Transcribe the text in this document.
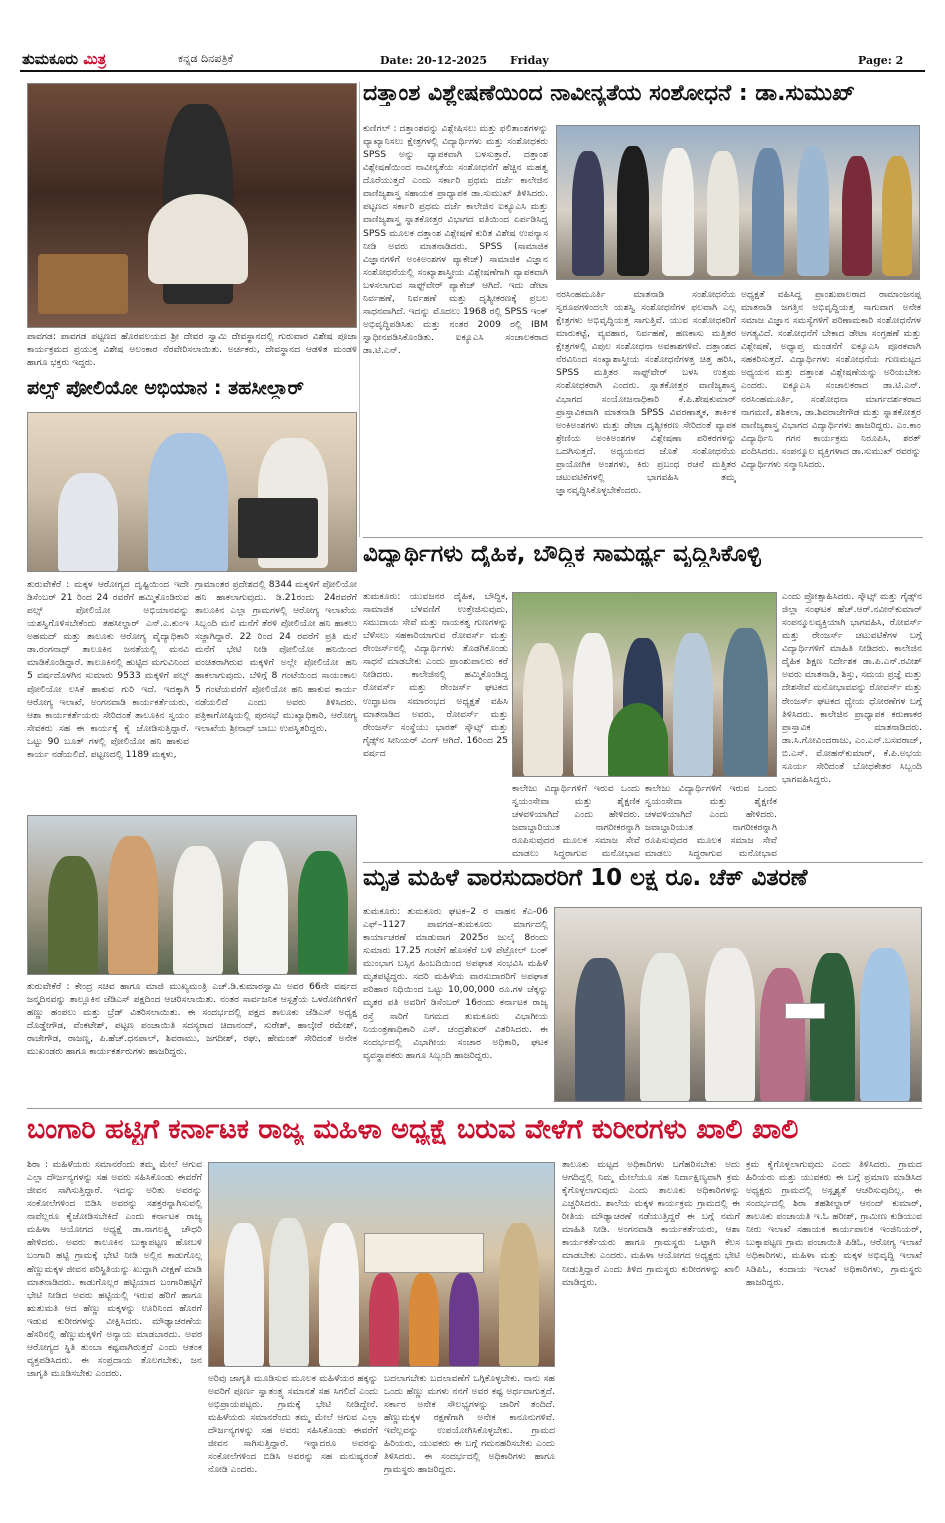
ತುಮಕೂರು ಮಿತ್ರ	ಕನ್ನಡ ದಿನಪತ್ರಿಕೆ	Date: 20-12-2025 Friday	Page: 2
ಪಾವಗಡ: ಪಾವಗಡ ಪಟ್ಟಣದ ಹೊರವಲಯದ ಶ್ರೀ ದೇವರ ಸ್ವಾಮಿ ದೇವಸ್ಥಾನದಲ್ಲಿ ಗುರುವಾರ ವಿಶೇಷ ಪೂಜಾ ಕಾರ್ಯಕ್ರಮದ ಪ್ರಯುಕ್ತ ವಿಶೇಷ ಅಲಂಕಾರ ನೆರವೇರಿಸಲಾಯಿತು. ಅರ್ಚಕರು, ದೇವಸ್ಥಾನದ ಆಡಳಿತ ಮಂಡಳಿ ಹಾಗೂ ಭಕ್ತರು ಇದ್ದರು.
ದತ್ತಾಂಶ ವಿಶ್ಲೇಷಣೆಯಿಂದ ನಾವೀನ್ಯತೆಯ ಸಂಶೋಧನೆ : ಡಾ.ಸುಮುಖ್
ಕುಣಿಗಲ್ : ದತ್ತಾಂಶವನ್ನು ವಿಶ್ಲೇಷಿಸಲು ಮತ್ತು ಫಲಿತಾಂಶಗಳನ್ನು ವ್ಯಾಖ್ಯಾನಿಸಲು ಕ್ಷೇತ್ರಗಳಲ್ಲಿ ವಿದ್ಯಾರ್ಥಿಗಳು ಮತ್ತು ಸಂಶೋಧಕರು SPSS ಅನ್ನು ವ್ಯಾಪಕವಾಗಿ ಬಳಸುತ್ತಾರೆ. ದತ್ತಾಂಶ ವಿಶ್ಲೇಷಣೆಯಿಂದ ನಾವೀನ್ಯತೆಯ ಸಂಶೋಧನೆಗೆ ಹೆಚ್ಚಿನ ಮಹತ್ವ ದೊರೆಯುತ್ತದೆ ಎಂದು ಸರ್ಕಾರಿ ಪ್ರಥಮ ದರ್ಜೆ ಕಾಲೇಜಿನ ವಾಣಿಜ್ಯಶಾಸ್ತ್ರ ಸಹಾಯಕ ಪ್ರಾಧ್ಯಾಪಕ ಡಾ.ಸುಮುಖ್ ತಿಳಿಸಿದರು. ಪಟ್ಟಣದ ಸರ್ಕಾರಿ ಪ್ರಥಮ ದರ್ಜೆ ಕಾಲೇಜಿನ ಐಕ್ಯೂಎಸಿ ಮತ್ತು ವಾಣಿಜ್ಯಶಾಸ್ತ್ರ ಸ್ನಾತಕೋತ್ತರ ವಿಭಾಗದ ವತಿಯಿಂದ ಏರ್ಪಡಿಸಿದ್ದ SPSS ಮೂಲಕ ದತ್ತಾಂಶ ವಿಶ್ಲೇಷಣೆ ಕುರಿತ ವಿಶೇಷ ಉಪನ್ಯಾಸ ನೀಡಿ ಅವರು ಮಾತನಾಡಿದರು. SPSS (ಸಾಮಾಜಿಕ ವಿಜ್ಞಾನಗಳಿಗೆ ಅಂಕಿಅಂಶಗಳ ಪ್ಯಾಕೇಜ್) ಸಾಮಾಜಿಕ ವಿಜ್ಞಾನ ಸಂಶೋಧನೆಯಲ್ಲಿ ಸಂಖ್ಯಾಶಾಸ್ತ್ರೀಯ ವಿಶ್ಲೇಷಣೆಗಾಗಿ ವ್ಯಾಪಕವಾಗಿ ಬಳಸಲಾಗುವ ಸಾಫ್ಟ್‌ವೇರ್ ಪ್ಯಾಕೇಜ್ ಆಗಿದೆ. ಇದು ಡೇಟಾ ನಿರ್ವಹಣೆ, ನಿರ್ವಹಣೆ ಮತ್ತು ದೃಶ್ಯೀಕರಣಕ್ಕೆ ಪ್ರಬಲ ಸಾಧನವಾಗಿದೆ. ಇದನ್ನು ಮೊದಲು 1968 ರಲ್ಲಿ SPSS ಇಂಕ್ ಅಭಿವೃದ್ಧಿಪಡಿಸಿತು ಮತ್ತು ನಂತರ 2009 ರಲ್ಲಿ IBM ಸ್ವಾಧೀನಪಡಿಸಿಕೊಂಡಿತು. ಐಕ್ಯೂಎಸಿ ಸಂಚಾಲಕರಾದ ಡಾ.ಟಿ.ಎನ್.
ನರಸಿಂಹಮೂರ್ತಿ ಮಾತನಾಡಿ ಸಂಶೋಧನೆಯ ಸ್ವರೂಪಗಳಿಂದಲೇ ಯಶಸ್ವಿ ಸಂಶೋಧನೆಗಳ ಫಲವಾಗಿ ಎಲ್ಲ ಕ್ಷೇತ್ರಗಳು ಅಭಿವೃದ್ಧಿಯತ್ತ ಸಾಗುತ್ತಿವೆ. ಯುವ ಸಂಶೋಧಕರಿಗೆ ಮಾರುಕಟ್ಟೆ, ವ್ಯವಹಾರ, ನಿರ್ವಹಣೆ, ಹಣಕಾಸು ಮತ್ತಿತರ ಕ್ಷೇತ್ರಗಳಲ್ಲಿ ವಿಪುಲ ಸಂಶೋಧನಾ ಅವಕಾಶಗಳಿವೆ. ದತ್ತಾಂಶದ ನೆರವಿನಿಂದ ಸಂಖ್ಯಾಶಾಸ್ತ್ರೀಯ ಸಂಶೋಧನೆಗಳತ್ತ ಚಿತ್ತ ಹರಿಸಿ, SPSS ಮತ್ತಿತರ ಸಾಫ್ಟ್‌ವೇರ್ ಬಳಸಿ ಉತ್ತಮ ಸಂಶೋಧಕರಾಗಿ ಎಂದರು. ಸ್ನಾತಕೋತ್ತರ ವಾಣಿಜ್ಯಶಾಸ್ತ್ರ ವಿಭಾಗದ ಸಂಯೋಜನಾಧಿಕಾರಿ ಕೆ.ಪಿ.ಶೇಷಕುಮಾರ್ ಪ್ರಾಸ್ತಾವಿಕವಾಗಿ ಮಾತನಾಡಿ SPSS ವಿವರಣಾತ್ಮಕ, ತಾರ್ಕಿಕ ಅಂಕಿಅಂಶಗಳು ಮತ್ತು ಡೇಟಾ ದೃಶ್ಯೀಕರಣ ಸೇರಿದಂತೆ ವ್ಯಾಪಕ ಶ್ರೇಣಿಯ ಅಂಕಿಅಂಶಗಳ ವಿಶ್ಲೇಷಣಾ ಪರಿಕರಗಳನ್ನು ಒದಗಿಸುತ್ತದೆ. ಅಧ್ಯಯನದ ಜೊತೆ ಸಂಶೋಧನೆಯ ಪ್ರಾಯೋಗಿಕ ಅಂಶಗಳು, ಕಿರು ಪ್ರಬಂಧ ರಚನೆ ಮತ್ತಿತರ ಚಟುವಟಿಕೆಗಳಲ್ಲಿ ಭಾಗವಹಿಸಿ ತಮ್ಮ ಜ್ಞಾನವೃದ್ಧಿಸಿಕೊಳ್ಳಬೇಕೆಂದರು.
ಅಧ್ಯಕ್ಷತೆ ವಹಿಸಿದ್ದ ಪ್ರಾಂಶುಪಾಲರಾದ ರಾಮಾಂಜನಪ್ಪ ಮಾತನಾಡಿ ಜಗತ್ತಿನ ಅಭಿವೃದ್ಧಿಯತ್ತ ಸಾಗುವಾಗ ಅನೇಕ ಸಮಾಜ ವಿಜ್ಞಾನ ಸಮಸ್ಯೆಗಳಿಗೆ ಪರಿಣಾಮಕಾರಿ ಸಂಶೋಧನೆಗಳ ಅಗತ್ಯವಿದೆ. ಸಂಶೋಧನೆಗೆ ಬೇಕಾದ ಡೇಟಾ ಸಂಗ್ರಹಣೆ ಮತ್ತು ವಿಶ್ಲೇಷಣೆ, ಅಧ್ಯಾಪ್ತ ಮಂಡನೆಗೆ ಐಕ್ಯೂಎಸಿ ಪೂರಕವಾಗಿ ಸಹಕರಿಸುತ್ತದೆ. ವಿದ್ಯಾರ್ಥಿಗಳು ಸಂಶೋಧನೆಯ ಗುಣಮಟ್ಟದ ಅಧ್ಯಯನ ಮತ್ತು ದತ್ತಾಂಶ ವಿಶ್ಲೇಷಣೆಯನ್ನು ಅರಿಯಬೇಕು ಎಂದರು. ಐಕ್ಯೂಎಸಿ ಸಂಚಾಲಕರಾದ ಡಾ.ಟಿ.ಎನ್. ನರಸಿಂಹಮೂರ್ತಿ, ಸಂಶೋಧನಾ ಮಾರ್ಗದರ್ಶಕರಾದ ನಾಗಮಣಿ, ಶಶಿಕಲಾ, ಡಾ.ಶಿವರಾಜೇಗೌಡ ಮತ್ತು ಸ್ನಾತಕೋತ್ತರ ವಾಣಿಜ್ಯಶಾಸ್ತ್ರ ವಿಭಾಗದ ವಿದ್ಯಾರ್ಥಿಗಳು ಹಾಜರಿದ್ದರು. ಎಂ.ಕಾಂ ವಿದ್ಯಾರ್ಥಿನಿ ಗಗನ ಕಾರ್ಯಕ್ರಮ ನಿರೂಪಿಸಿ, ಶರತ್ ವಂದಿಸಿದರು. ಸಂಪನ್ಮೂಲ ವ್ಯಕ್ತಿಗಳಾದ ಡಾ.ಸುಮುಖ್ ರವರನ್ನು ವಿದ್ಯಾರ್ಥಿಗಳು ಸನ್ಮಾನಿಸಿದರು.
ಪಲ್ಸ್ ಪೋಲಿಯೋ ಅಭಿಯಾನ : ತಹಸೀಲ್ದಾರ್
ತುರುವೇಕೆರೆ : ಮಕ್ಕಳ ಆರೋಗ್ಯದ ದೃಷ್ಟಿಯಿಂದ ಇದೇ ಡಿಸೆಂಬರ್ 21 ರಿಂದ 24 ರವರೆಗೆ ಹಮ್ಮಿಕೊಂಡಿರುವ ಪಲ್ಸ್ ಪೋಲಿಯೋ ಅಭಿಯಾನವನ್ನು ಯಶಸ್ವಿಗೊಳಿಸಬೇಕೆಂದು ತಹಸೀಲ್ದಾರ್ ಎನ್.ಎ.ಕುಂಇ ಅಹಮದ್ ಮತ್ತು ತಾಲೂಕು ಆರೋಗ್ಯ ವೈದ್ಯಾಧಿಕಾರಿ ಡಾ.ರಂಗನಾಥ್ ತಾಲೂಕಿನ ಜನತೆಯಲ್ಲಿ ಮನವಿ ಮಾಡಿಕೊಂಡಿದ್ದಾರೆ. ತಾಲೂಕಿನಲ್ಲಿ ಹುಟ್ಟಿದ ಮಗುವಿನಿಂದ 5 ವರ್ಷದೊಳಗಿನ ಸುಮಾರು 9533 ಮಕ್ಕಳಿಗೆ ಪಲ್ಸ್ ಪೋಲಿಯೋ ಲಸಿಕೆ ಹಾಕುವ ಗುರಿ ಇದೆ. ಇದಕ್ಕಾಗಿ ಆರೋಗ್ಯ ಇಲಾಖೆ, ಅಂಗನವಾಡಿ ಕಾರ್ಯಕರ್ತೆಯರು, ಆಶಾ ಕಾರ್ಯಕರ್ತೆಯರು ಸೇರಿದಂತೆ ತಾಲೂಕಿನ ಸ್ವಯಂ ಸೇವಕರು ಸಹ ಈ ಕಾರ್ಯಕ್ಕೆ ಕೈ ಜೋಡಿಸುತ್ತಿದ್ದಾರೆ. ಒಟ್ಟು 90 ಬೂತ್ ಗಳಲ್ಲಿ ಪೋಲಿಯೋ ಹನಿ ಹಾಕುವ ಕಾರ್ಯ ನಡೆಯಲಿದೆ. ಪಟ್ಟಣದಲ್ಲಿ 1189 ಮಕ್ಕಳು,
ಗ್ರಾಮಾಂತರ ಪ್ರದೇಶದಲ್ಲಿ 8344 ಮಕ್ಕಳಿಗೆ ಪೋಲಿಯೋ ಹನಿ ಹಾಕಲಾಗುವುದು. ಡಿ.21ರಂದು 24ರವರೆಗೆ ತಾಲೂಕಿನ ಎಲ್ಲಾ ಗ್ರಾಮಗಳಲ್ಲಿ ಆರೋಗ್ಯ ಇಲಾಖೆಯ ಸಿಬ್ಬಂದಿ ಮನೆ ಮನೆಗೆ ತೆರಳಿ ಪೋಲಿಯೋ ಹನಿ ಹಾಕಲು ಸಜ್ಜಾಗಿದ್ದಾರೆ. 22 ರಿಂದ 24 ರವರೆಗೆ ಪ್ರತಿ ಮನೆ ಮನೆಗೆ ಭೇಟಿ ನೀಡಿ ಪೋಲಿಯೋ ಹನಿಯಿಂದ ವಂಚಿತರಾಗಿರುವ ಮಕ್ಕಳಿಗೆ ಅಲ್ಲೇ ಪೋಲಿಯೋ ಹನಿ ಹಾಕಲಾಗುವುದು. ಬೆಳಿಗ್ಗೆ 8 ಗಂಟೆಯಿಂದ ಸಾಯಂಕಾಲ 5 ಗಂಟೆಯವರೆಗೆ ಪೋಲಿಯೋ ಹನಿ ಹಾಕುವ ಕಾರ್ಯ ನಡೆಯಲಿದೆ ಎಂದು ಅವರು ತಿಳಿಸಿದರು. ಪತ್ರಿಕಾಗೋಷ್ಠಿಯಲ್ಲಿ ಪುರಸಭೆ ಮುಖ್ಯಾಧಿಕಾರಿ, ಆರೋಗ್ಯ ಇಲಾಖೆಯ ಶ್ರೀನಾಥ್ ಬಾಬು ಉಪಸ್ಥಿತರಿದ್ದರು.
ವಿದ್ಯಾರ್ಥಿಗಳು ದೈಹಿಕ, ಬೌದ್ಧಿಕ ಸಾಮರ್ಥ್ಯ ವೃದ್ಧಿಸಿಕೊಳ್ಳಿ
ತುಮಕೂರು: ಯುವಜನರ ದೈಹಿಕ, ಬೌದ್ಧಿಕ, ಸಾಮಾಜಿಕ ಬೆಳವಣಿಗೆ ಉತ್ತೇಜಿಸುವುದು, ಸಮುದಾಯ ಸೇವೆ ಮತ್ತು ನಾಯಕತ್ವ ಗುಣಗಳನ್ನು ಬೆಳೆಸಲು ಸಹಕಾರಿಯಾಗುವ ರೋವರ್ಸ್ ಮತ್ತು ರೇಂಜರ್ಸ್‌ನಲ್ಲಿ ವಿದ್ಯಾರ್ಥಿಗಳು ತೊಡಗಿಕೊಂಡು ಸಾಧನೆ ಮಾಡಬೇಕು ಎಂದು ಪ್ರಾಂಶುಪಾಲರು ಕರೆ ನೀಡಿದರು. ಕಾಲೇಜಿನಲ್ಲಿ ಹಮ್ಮಿಕೊಂಡಿದ್ದ ರೋವರ್ಸ್ ಮತ್ತು ರೇಂಜರ್ಸ್ ಘಟಕದ ಉದ್ಘಾಟನಾ ಸಮಾರಂಭದ ಅಧ್ಯಕ್ಷತೆ ವಹಿಸಿ ಮಾತನಾಡಿದ ಅವರು, ರೋವರ್ಸ್ ಮತ್ತು ರೇಂಜರ್ಸ್ ಸಂಸ್ಥೆಯು ಭಾರತ್ ಸ್ಕೌಟ್ಸ್ ಮತ್ತು ಗೈಡ್ಸ್‌ನ ಸೀನಿಯರ್ ವಿಂಗ್ ಆಗಿದೆ. 16ರಿಂದ 25 ವರ್ಷದ
ಕಾಲೇಜು ವಿದ್ಯಾರ್ಥಿಗಳಿಗೆ ಇರುವ ಒಂದು ಸ್ವಯಂಸೇವಾ ಮತ್ತು ಶೈಕ್ಷಣಿಕ ಚಳವಳಿಯಾಗಿದೆ ಎಂದು ಹೇಳಿದರು. ಜವಾಬ್ದಾರಿಯುತ ನಾಗರೀಕರನ್ನಾಗಿ ರೂಪಿಸುವುದರ ಮೂಲಕ ಸಮಾಜ ಸೇವೆ ಮಾಡಲು ಸಿದ್ಧರಾಗುವ ಮನೋಭಾವ
ಕಾಲೇಜು ವಿದ್ಯಾರ್ಥಿಗಳಿಗೆ ಇರುವ ಒಂದು ಸ್ವಯಂಸೇವಾ ಮತ್ತು ಶೈಕ್ಷಣಿಕ ಚಳವಳಿಯಾಗಿದೆ ಎಂದು ಹೇಳಿದರು. ಜವಾಬ್ದಾರಿಯುತ ನಾಗರೀಕರನ್ನಾಗಿ ರೂಪಿಸುವುದರ ಮೂಲಕ ಸಮಾಜ ಸೇವೆ ಮಾಡಲು ಸಿದ್ಧರಾಗುವ ಮನೋಭಾವ
ಎಂದು ಪ್ರೋತ್ಸಾಹಿಸಿದರು. ಸ್ಕೌಟ್ಸ್ ಮತ್ತು ಗೈಡ್ಸ್‌ನ ಜಿಲ್ಲಾ ಸಂಘಟಕ ಹೆಚ್.ಆರ್.ನವೀನ್‌ಕುಮಾರ್ ಸಂಪನ್ಮೂಲವ್ಯಕ್ತಿಯಾಗಿ ಭಾಗವಹಿಸಿ, ರೋವರ್ಸ್ ಮತ್ತು ರೇಂಜರ್ಸ್ ಚಟುವಟಿಕೆಗಳ ಬಗ್ಗೆ ವಿದ್ಯಾರ್ಥಿಗಳಿಗೆ ಮಾಹಿತಿ ನೀಡಿದರು. ಕಾಲೇಜಿನ ದೈಹಿಕ ಶಿಕ್ಷಣ ನಿರ್ದೇಶಕ ಡಾ.ಪಿ.ಎನ್.ರವೀಶ್ ಅವರು ಮಾತನಾಡಿ, ಶಿಸ್ತು, ಸಮಯ ಪ್ರಜ್ಞೆ ಮತ್ತು ದೇಶಸೇವೆ ಮನೋಭಾವವನ್ನು ರೋವರ್ಸ್ ಮತ್ತು ರೇಂಜರ್ಸ್ ಘಟಕದ ಧ್ಯೇಯ ಧೋರಣೆಗಳ ಬಗ್ಗೆ ತಿಳಿಸಿದರು. ಕಾಲೇಜಿನ ಪ್ರಾಧ್ಯಾಪಕ ಕರುಣಾಕರ ಪ್ರಾಸ್ತಾವಿಕ ಮಾತನಾಡಿದರು. ಡಾ.ಸಿ.ಗೋವಿಂದರಾಜು, ಎಂ.ಎನ್.ಬಸವರಾಜ್, ಬಿ.ಎಸ್. ಮೋಹನ್‌ಕುಮಾರ್, ಕೆ.ಪಿ.ಅಭಯ ಸೂರ್ಯ ಸೇರಿದಂತೆ ಬೋಧಕೇತರ ಸಿಬ್ಬಂದಿ ಭಾಗವಹಿಸಿದ್ದರು.
ತುರುವೇಕೆರೆ : ಕೇಂದ್ರ ಸಚಿವ ಹಾಗೂ ಮಾಜಿ ಮುಖ್ಯಮಂತ್ರಿ ಎಚ್.ಡಿ.ಕುಮಾರಸ್ವಾಮಿ ಅವರ 66ನೇ ವರ್ಷದ ಜನ್ಮದಿನವನ್ನು ತಾಲ್ಲೂಕಿನ ಜೆಡಿಎಸ್ ಪಕ್ಷದಿಂದ ಆಚರಿಸಲಾಯಿತು. ನಂತರ ಸಾರ್ವಜನಿಕ ಆಸ್ಪತ್ರೆಯ ಒಳರೋಗಿಗಳಿಗೆ ಹಣ್ಣು ಹಂಪಲು ಮತ್ತು ಬ್ರೆಡ್ ವಿತರಿಸಲಾಯಿತು. ಈ ಸಂದರ್ಭದಲ್ಲಿ ಪಕ್ಷದ ತಾಲೂಕು ಜೆಡಿಎಸ್ ಅಧ್ಯಕ್ಷ ದೊಡ್ಡೇಗೌಡ, ವೆಂಕಟೇಶ್, ಪಟ್ಟಣ ಪಂಚಾಯಿತಿ ಸದಸ್ಯರಾದ ಚಿದಾನಂದ್, ಸುರೇಶ್, ಹಾಲ್ಕೇರೆ ರಮೇಶ್, ರಾಜೇಗೌಡ, ರಾಜಣ್ಣ, ಪಿ.ಹೆಚ್.ಧನಪಾಲ್, ಶಿವರಾಮು, ಜಗದೀಶ್, ರಘು, ಹೇಮಂತ್ ಸೇರಿದಂತೆ ಅನೇಕ ಮುಖಂಡರು ಹಾಗೂ ಕಾರ್ಯಕರ್ತರುಗಳು ಹಾಜರಿದ್ದರು.
ಮೃತ ಮಹಿಳೆ ವಾರಸುದಾರರಿಗೆ 10 ಲಕ್ಷ ರೂ. ಚೆಕ್ ವಿತರಣೆ
ತುಮಕೂರು: ತುಮಕೂರು ಘಟಕ–2 ರ ವಾಹನ ಕೆಎ-06 ಎಫ್–1127 ಪಾವಗಡ–ತುಮಕೂರು ಮಾರ್ಗದಲ್ಲಿ ಕಾರ್ಯಾಚರಣೆ ಮಾಡುವಾಗ 2025ರ ಜುಲೈ 8ರಂದು ಸುಮಾರು 17.25 ಗಂಟೆಗೆ ಹೊಸಕೆರೆ ಬಳಿ ಪೆಟ್ರೋಲ್ ಬಂಕ್ ಮುಂಭಾಗ ಬಸ್ಸಿನ ಹಿಂಬದಿಯಿಂದ ಅಪಘಾತ ಸಂಭವಿಸಿ ಮಹಿಳೆ ಮೃತಪಟ್ಟಿದ್ದರು. ಸದರಿ ಮಹಿಳೆಯ ವಾರಸುದಾರರಿಗೆ ಅಪಘಾತ ಪರಿಹಾರ ನಿಧಿಯಿಂದ ಒಟ್ಟು 10,00,000 ರೂ.ಗಳ ಚೆಕ್ಕನ್ನು ಮೃತರ ಪತಿ ಅವರಿಗೆ ಡಿಸೆಂಬರ್ 16ರಂದು ಕರ್ನಾಟಕ ರಾಜ್ಯ ರಸ್ತೆ ಸಾರಿಗೆ ನಿಗಮದ ತುಮಕೂರು ವಿಭಾಗೀಯ ನಿಯಂತ್ರಣಾಧಿಕಾರಿ ಎಸ್. ಚಂದ್ರಶೇಖರ್ ವಿತರಿಸಿದರು. ಈ ಸಂದರ್ಭದಲ್ಲಿ ವಿಭಾಗೀಯ ಸಂಚಾರ ಅಧಿಕಾರಿ, ಘಟಕ ವ್ಯವಸ್ಥಾಪಕರು ಹಾಗೂ ಸಿಬ್ಬಂದಿ ಹಾಜರಿದ್ದರು.
ಬಂಗಾರಿ ಹಟ್ಟಿಗೆ ಕರ್ನಾಟಕ ರಾಜ್ಯ ಮಹಿಳಾ ಅಧ್ಯಕ್ಷೆ ಬರುವ ವೇಳೆಗೆ ಕುರೀರಗಳು ಖಾಲಿ ಖಾಲಿ
ಶಿರಾ : ಮಹಿಳೆಯರು ಸಮಾನರೆಂದು ತಮ್ಮ ಮೇಲೆ ಆಗುವ ಎಲ್ಲಾ ದೌರ್ಜನ್ಯಗಳನ್ನು ಸಹ ಅವರು ಸಹಿಸಿಕೊಂಡು ಈವರೆಗೆ ಜೀವನ ಸಾಗಿಸುತ್ತಿದ್ದಾರೆ. ಇದನ್ನು ಅರಿತು ಅವರನ್ನು ಸಂಕೋಲೆಗಳಿಂದ ಬಿಡಿಸಿ ಅವರನ್ನು ಸಶಕ್ತರನ್ನಾಗಿಸುವಲ್ಲಿ ನಾವೆಲ್ಲರೂ ಕೈಜೋಡಿಸಬೇಕಿದೆ ಎಂದು ಕರ್ನಾಟಕ ರಾಜ್ಯ ಮಹಿಳಾ ಆಯೋಗದ ಅಧ್ಯಕ್ಷೆ ಡಾ.ನಾಗಲಕ್ಷ್ಮಿ ಚೌಧರಿ ಹೇಳಿದರು. ಅವರು ತಾಲೂಕಿನ ಬುಕ್ಕಾಪಟ್ಟಣ ಹೋಬಳಿ ಬಂಗಾರಿ ಹಟ್ಟಿ ಗ್ರಾಮಕ್ಕೆ ಭೇಟಿ ನೀಡಿ ಅಲ್ಲಿನ ಕಾಡುಗೊಲ್ಲ ಹೆಣ್ಣುಮಕ್ಕಳ ಜೀವನ ಪರಿಸ್ಥಿತಿಯನ್ನು ಖುದ್ದಾಗಿ ವೀಕ್ಷಣೆ ಮಾಡಿ ಮಾತನಾಡಿದರು. ಕಾಡುಗೊಲ್ಲರ ಹಟ್ಟಿಯಾದ ಬಂಗಾರಿಹಟ್ಟಿಗೆ ಭೇಟಿ ನೀಡಿದ ಅವರು ಹಟ್ಟಿಯಲ್ಲಿ ಇರುವ ಹೆರಿಗೆ ಹಾಗೂ ಋತುಮತಿ ಆದ ಹೆಣ್ಣು ಮಕ್ಕಳನ್ನು ಊರಿನಿಂದ ಹೊರಗೆ ಇಡುವ ಕುರೀರಗಳನ್ನು ವೀಕ್ಷಿಸಿದರು. ಮೌಢ್ಯಾಚರಣೆಯ ಹೆಸರಿನಲ್ಲಿ ಹೆಣ್ಣುಮಕ್ಕಳಿಗೆ ಅನ್ಯಾಯ ಮಾಡಬಾರದು. ಅವರ ಆರೋಗ್ಯದ ಸ್ಥಿತಿ ತುಂಬಾ ಕಷ್ಟವಾಗಿರುತ್ತದೆ ಎಂದು ಆತಂಕ ವ್ಯಕ್ತಪಡಿಸಿದರು. ಈ ಸಂಪ್ರದಾಯ ತೊಲಗಬೇಕು, ಜನ ಜಾಗೃತಿ ಮೂಡಿಸಬೇಕು ಎಂದರು.	ಅರಿವು ಜಾಗೃತಿ ಮೂಡಿಸುವ ಮೂಲಕ ಮಹಿಳೆಯರ ಹಕ್ಕನ್ನು ಅವರಿಗೆ ಪೂರ್ಣ ಸ್ವಾತಂತ್ರ್ಯ ಸಮಾನತೆ ಸಹ ಸಿಗಲಿದೆ ಎಂದು ಅಭಿಪ್ರಾಯಪಟ್ಟರು. ಗ್ರಾಮಕ್ಕೆ ಭೇಟಿ ನೀಡಿದ್ದೇನೆ. ಮಹಿಳೆಯರು ಸಮಾನರೆಂದು ತಮ್ಮ ಮೇಲೆ ಆಗುವ ಎಲ್ಲಾ ದೌರ್ಜನ್ಯಗಳನ್ನು ಸಹ ಅವರು ಸಹಿಸಿಕೊಂಡು ಈವರೆಗೆ ಜೀವನ ಸಾಗಿಸುತ್ತಿದ್ದಾರೆ. ಇನ್ನಾದರೂ ಅವರನ್ನು ಸಂಕೋಲೆಗಳಿಂದ ಬಿಡಿಸಿ ಅವರನ್ನು ಸಹ ಮನುಷ್ಯರಂತೆ ನೋಡಿ ಎಂದರು.
ಬದಲಾಗಬೇಕು ಬದಲಾವಣೆಗೆ ಒಗ್ಗಿಕೊಳ್ಳಬೇಕು. ನಾನು ಸಹ ಒಂದು ಹೆಣ್ಣು ಮಗಳು ನನಗೆ ಅವರ ಕಷ್ಟ ಅರ್ಥವಾಗುತ್ತದೆ. ಸರ್ಕಾರ ಅನೇಕ ಸೌಲಭ್ಯಗಳನ್ನು ಜಾರಿಗೆ ತಂದಿದೆ. ಹೆಣ್ಣುಮಕ್ಕಳ ರಕ್ಷಣೆಗಾಗಿ ಅನೇಕ ಕಾನೂನುಗಳಿವೆ. ಇವೆಲ್ಲವನ್ನು ಉಪಯೋಗಿಸಿಕೊಳ್ಳಬೇಕು. ಗ್ರಾಮದ ಹಿರಿಯರು, ಯುವಕರು ಈ ಬಗ್ಗೆ ಗಮನಹರಿಸಬೇಕು ಎಂದು ತಿಳಿಸಿದರು. ಈ ಸಂದರ್ಭದಲ್ಲಿ ಅಧಿಕಾರಿಗಳು ಹಾಗೂ ಗ್ರಾಮಸ್ಥರು ಹಾಜರಿದ್ದರು.
ತಾಲೂಕು ಮಟ್ಟದ ಅಧಿಕಾರಿಗಳು ಬಗೆಹರಿಸಬೇಕು ಅದು ಆಗದಿದ್ದಲ್ಲಿ ನಿಮ್ಮ ಮೇಲೆಯೂ ಸಹ ನಿರ್ದಾಕ್ಷಿಣ್ಯವಾಗಿ ಕ್ರಮ ಕೈಗೊಳ್ಳಲಾಗುವುದು ಎಂದು ತಾಲೂಕು ಅಧಿಕಾರಿಗಳನ್ನು ಎಚ್ಚರಿಸಿದರು. ಶಾಲೆಯ ಮಕ್ಕಳ ಕಾರ್ಯಕ್ರಮ ಗ್ರಾಮದಲ್ಲಿ ಈ ರೀತಿಯ ಮೌಢ್ಯಾಚರಣೆ ನಡೆಯುತ್ತಿದ್ದರೆ ಈ ಬಗ್ಗೆ ನಮಗೆ ಮಾಹಿತಿ ನೀಡಿ. ಅಂಗನವಾಡಿ ಕಾರ್ಯಕರ್ತೆಯರು, ಆಶಾ ಕಾರ್ಯಕರ್ತೆಯರು ಹಾಗೂ ಗ್ರಾಮಸ್ಥರು ಒಟ್ಟಾಗಿ ಕೆಲಸ ಮಾಡಬೇಕು ಎಂದರು. ಮಹಿಳಾ ಆಯೋಗದ ಅಧ್ಯಕ್ಷರು ಭೇಟಿ ನೀಡುತ್ತಿದ್ದಾರೆ ಎಂದು ತಿಳಿದ ಗ್ರಾಮಸ್ಥರು ಕುರೀರಗಳನ್ನು ಖಾಲಿ ಮಾಡಿದ್ದರು.
ಕ್ರಮ ಕೈಗೊಳ್ಳಲಾಗುವುದು ಎಂದು ತಿಳಿಸಿದರು. ಗ್ರಾಮದ ಹಿರಿಯರು ಮತ್ತು ಯುವಕರು ಈ ಬಗ್ಗೆ ಪ್ರಮಾಣ ಮಾಡಿಸಿದ ಅಧ್ಯಕ್ಷರು ಗ್ರಾಮದಲ್ಲಿ ಅಸ್ಪೃಶ್ಯತೆ ಆಚರಿಸುವುದಿಲ್ಲ. ಈ ಸಂದರ್ಭದಲ್ಲಿ ಶಿರಾ ತಹಶೀಲ್ದಾರ್ ಆನಂದ್ ಕುಮಾರ್, ತಾಲೂಕು ಪಂಚಾಯತಿ ಇ.ಓ ಹರೀಶ್, ಗ್ರಾಮೀಣ ಕುಡಿಯುವ ನೀರು ಇಲಾಖೆ ಸಹಾಯಕ ಕಾರ್ಯಪಾಲಕ ಇಂಜಿನಿಯರ್, ಬುಕ್ಕಾಪಟ್ಟಣ ಗ್ರಾಮ ಪಂಚಾಯಿತಿ ಪಿಡಿಓ, ಆರೋಗ್ಯ ಇಲಾಖೆ ಅಧಿಕಾರಿಗಳು, ಮಹಿಳಾ ಮತ್ತು ಮಕ್ಕಳ ಅಭಿವೃದ್ಧಿ ಇಲಾಖೆ ಸಿಡಿಪಿಓ, ಕಂದಾಯ ಇಲಾಖೆ ಅಧಿಕಾರಿಗಳು, ಗ್ರಾಮಸ್ಥರು ಹಾಜರಿದ್ದರು.
